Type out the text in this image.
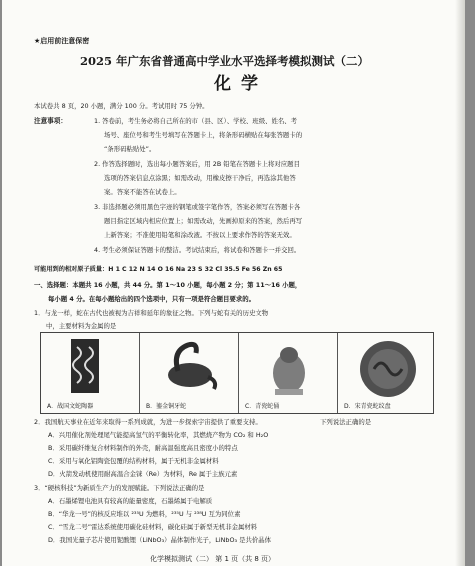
★启用前注意保密
2025 年广东省普通高中学业水平选择考模拟测试（二）
化学
本试卷共 8 页，20 小题，满分 100 分。考试用时 75 分钟。
注意事项：	1. 答卷前，考生务必将自己所在的市（县、区）、学校、班级、姓名、考
场号、座位号和考生号填写在答题卡上，将条形码横贴在每张答题卡的
“条形码粘贴处”。
2. 作答选择题时，选出每小题答案后，用 2B 铅笔在答题卡上将对应题目
选项的答案信息点涂黑；如需改动，用橡皮擦干净后，再选涂其他答
案。答案不能答在试卷上。
3. 非选择题必须用黑色字迹的钢笔或签字笔作答，答案必须写在答题卡各
题目指定区域内相应位置上；如需改动，先画掉原来的答案，然后再写
上新答案；不准使用铅笔和涂改液。不按以上要求作答的答案无效。
4. 考生必须保证答题卡的整洁。考试结束后，将试卷和答题卡一并交回。
可能用到的相对原子质量：H 1 C 12 N 14 O 16 Na 23 S 32 Cl 35.5 Fe 56 Zn 65
一、选择题：本题共 16 小题，共 44 分。第 1～10 小题，每小题 2 分；第 11～16 小题，
每小题 4 分。在每小题给出的四个选项中，只有一项是符合题目要求的。
1．与龙一样，蛇在古代也被视为吉祥和延年的象征之物。下列与蛇有关的历史文物
中，主要材料为金属的是
A．战国文蛇陶器	B．鎏金铜牙蛇	C．青瓷蛇俑	D．宋青瓷蛇纹盘
2．我国航天事业在近年来取得一系列成就，为进一步探索宇宙提供了重要支持。	下列说法正确的是
A．兴用催化剂处理尾气能提高氢气的平衡转化率，其燃烧产物为 CO₂ 和 H₂O
B．采用碳纤维复合材料制作的外壳，耐高温强度高且密度小的特点
C．采用与氧化铝陶瓷包覆的结构材料，属于无机非金属材料
D．火箭发动机使用耐高温合金铼（Re）为材料，Re 属于主族元素
3．“硬核科技”为新质生产力的发展赋能。下列说法正确的是
A．石墨烯锂电池具有较高的能量密度，石墨烯属于电解质
B．“华龙一号”的核反应堆以 ²³⁵U 为燃料，²³⁵U 与 ²³⁸U 互为同位素
C．“雪龙二号”雷达系统使用碳化硅材料，碳化硅属于新型无机非金属材料
D．我国光量子芯片使用铌酸锂（LiNbO₃）晶体制作光子，LiNbO₃ 是共价晶体
化学模拟测试（二） 第 1 页（共 8 页）
